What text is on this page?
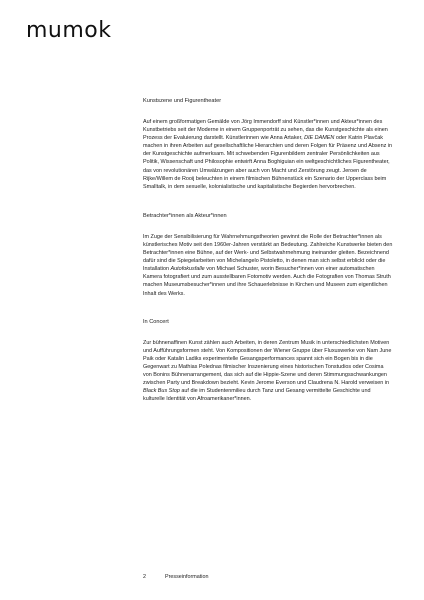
mumok

Kunstszene und Figurentheater

Auf einem großformatigen Gemälde von Jörg Immendorff sind Künstler*innen und Akteur*innen des Kunstbetriebs seit der Moderne in einem Gruppenporträt zu sehen, das die Kunstgeschichte als einen Prozess der Evaluierung darstellt. Künstlerinnen wie Anna Artaker, DIE DAMEN oder Katrin Plavčak machen in ihren Arbeiten auf gesellschaftliche Hierarchien und deren Folgen für Präsenz und Absenz in der Kunstgeschichte aufmerksam. Mit schwebenden Figurenbildern zentraler Persönlichkeiten aus Politik, Wissenschaft und Philosophie entwirft Anna Boghiguian ein weltgeschichtliches Figurentheater, das von revolutionären Umwälzungen aber auch von Macht und Zerstörung zeugt. Jeroen de Rijke/Willem de Rooij beleuchten in einem filmischen Bühnenstück ein Szenario der Upperclass beim Smalltalk, in dem sexuelle, kolonialistische und kapitalistische Begierden hervorbrechen.

Betrachter*innen als Akteur*innen

Im Zuge der Sensibilisierung für Wahrnehmungstheorien gewinnt die Rolle der Betrachter*innen als künstlerisches Motiv seit den 1960er-Jahren verstärkt an Bedeutung. Zahlreiche Kunstwerke bieten den Betrachter*innen eine Bühne, auf der Werk- und Selbstwahrnehmung ineinander gleiten. Bezeichnend dafür sind die Spiegelarbeiten von Michelangelo Pistoletto, in denen man sich selbst erblickt oder die Installation Autofokusfalle von Michael Schuster, worin Besucher*innen von einer automatischen Kamera fotografiert und zum ausstellbaren Fotomotiv werden. Auch die Fotografien von Thomas Struth machen Museumsbesucher*innen und ihre Schauerlebnisse in Kirchen und Museen zum eigentlichen Inhalt des Werks.

In Concert

Zur bühnenaffinen Kunst zählen auch Arbeiten, in deren Zentrum Musik in unterschiedlichsten Motiven und Aufführungsformen steht. Von Kompositionen der Wiener Gruppe über Fluxuswerke von Nam June Paik oder Katalin Ladiks experimentelle Gesangsperformances spannt sich ein Bogen bis in die Gegenwart zu Mathias Polednas filmischer Inszenierung eines historischen Tonstudios oder Cosima von Bonins Bühnenarrangement, das sich auf die Hippie-Szene und deren Stimmungsschwankungen zwischen Party und Breakdown bezieht. Kevin Jerome Everson und Claudrena N. Harold verweisen in Black Bus Stop auf die im Studentenmilieu durch Tanz und Gesang vermittelte Geschichte und kulturelle Identität von Afroamerikaner*innen.

2	Presseinformation
